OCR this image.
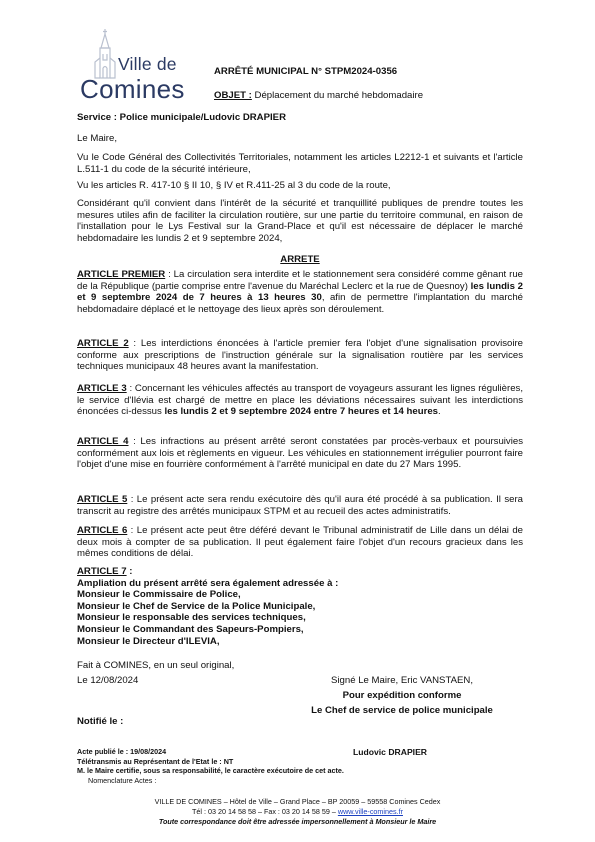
Ville de
Comines
ARRÊTÉ MUNICIPAL N° STPM2024-0356
OBJET : Déplacement du marché hebdomadaire
Service : Police municipale/Ludovic DRAPIER
Le Maire,
Vu le Code Général des Collectivités Territoriales, notamment les articles L2212-1 et suivants et l'article L.511-1 du code de la sécurité intérieure,
Vu les articles R. 417-10 § II 10, § IV et R.411-25 al 3 du code de la route,
Considérant qu'il convient dans l'intérêt de la sécurité et tranquillité publiques de prendre toutes les mesures utiles afin de faciliter la circulation routière, sur une partie du territoire communal, en raison de l'installation pour le Lys Festival sur la Grand-Place et qu'il est nécessaire de déplacer le marché hebdomadaire les lundis 2 et 9 septembre 2024,
ARRETE
ARTICLE PREMIER : La circulation sera interdite et le stationnement sera considéré comme gênant rue de la République (partie comprise entre l'avenue du Maréchal Leclerc et la rue de Quesnoy) les lundis 2 et 9 septembre 2024 de 7 heures à 13 heures 30, afin de permettre l'implantation du marché hebdomadaire déplacé et le nettoyage des lieux après son déroulement.
ARTICLE 2 : Les interdictions énoncées à l'article premier fera l'objet d'une signalisation provisoire conforme aux prescriptions de l'instruction générale sur la signalisation routière par les services techniques municipaux 48 heures avant la manifestation.
ARTICLE 3 : Concernant les véhicules affectés au transport de voyageurs assurant les lignes régulières, le service d'Ilévia est chargé de mettre en place les déviations nécessaires suivant les interdictions énoncées ci-dessus les lundis 2 et 9 septembre 2024 entre 7 heures et 14 heures.
ARTICLE 4 : Les infractions au présent arrêté seront constatées par procès-verbaux et poursuivies conformément aux lois et règlements en vigueur. Les véhicules en stationnement irrégulier pourront faire l'objet d'une mise en fourrière conformément à l'arrêté municipal en date du 27 Mars 1995.
ARTICLE 5 : Le présent acte sera rendu exécutoire dès qu'il aura été procédé à sa publication. Il sera transcrit au registre des arrêtés municipaux STPM et au recueil des actes administratifs.
ARTICLE 6 : Le présent acte peut être déféré devant le Tribunal administratif de Lille dans un délai de deux mois à compter de sa publication. Il peut également faire l'objet d'un recours gracieux dans les mêmes conditions de délai.
ARTICLE 7 :
Ampliation du présent arrêté sera également adressée à :
Monsieur le Commissaire de Police,
Monsieur le Chef de Service de la Police Municipale,
Monsieur le responsable des services techniques,
Monsieur le Commandant des Sapeurs-Pompiers,
Monsieur le Directeur d'ILEVIA,
Fait à COMINES, en un seul original,
Le 12/08/2024	Signé Le Maire, Eric VANSTAEN,
Pour expédition conforme
Le Chef de service de police municipale
Notifié le :
Ludovic DRAPIER
Acte publié le : 19/08/2024
Télétransmis au Représentant de l'Etat le : NT
M. le Maire certifie, sous sa responsabilité, le caractère exécutoire de cet acte.
Nomenclature Actes :
VILLE DE COMINES – Hôtel de Ville – Grand Place – BP 20059 – 59558 Comines Cedex
Tél : 03 20 14 58 58 – Fax : 03 20 14 58 59 – www.ville-comines.fr
Toute correspondance doit être adressée impersonnellement à Monsieur le Maire
